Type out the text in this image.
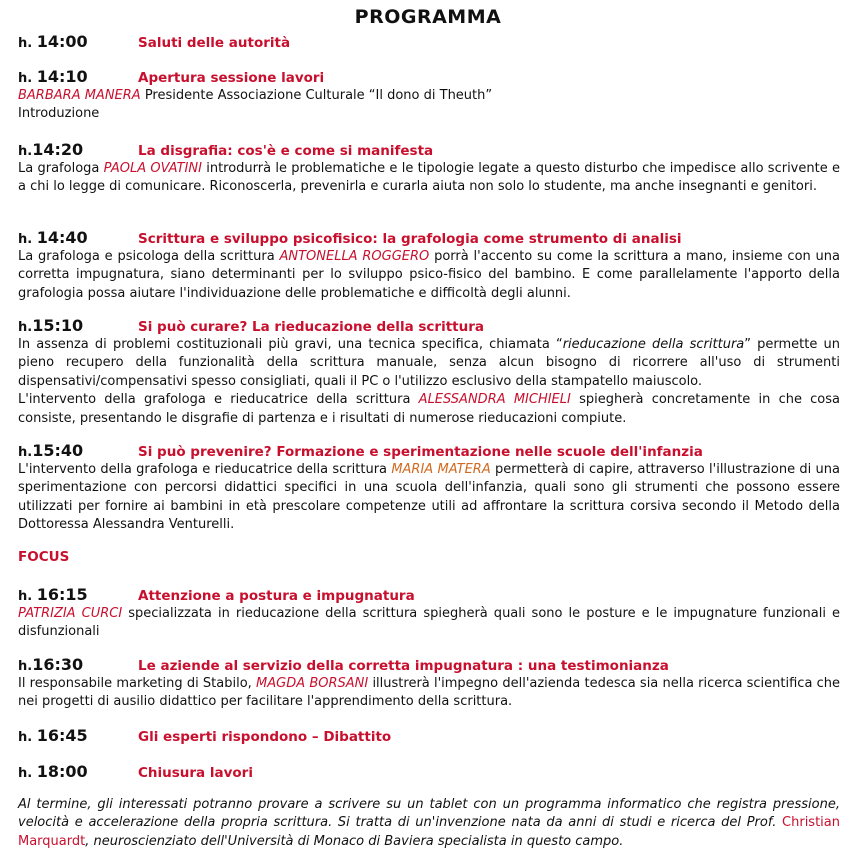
PROGRAMMA
h. 14:00	Saluti delle autorità
h. 14:10	Apertura sessione lavori
BARBARA MANERA Presidente Associazione Culturale “Il dono di Theuth”
Introduzione
h.14:20	La disgrafia: cos'è e come si manifesta
La grafologa PAOLA OVATINI introdurrà le problematiche e le tipologie legate a questo disturbo che impedisce allo scrivente e a chi lo legge di comunicare. Riconoscerla, prevenirla e curarla aiuta non solo lo studente, ma anche insegnanti e genitori.
h. 14:40	Scrittura e sviluppo psicofisico: la grafologia come strumento di analisi
La grafologa e psicologa della scrittura ANTONELLA ROGGERO porrà l'accento su come la scrittura a mano, insieme con una corretta impugnatura, siano determinanti per lo sviluppo psico-fisico del bambino. E come parallelamente l'apporto della grafologia possa aiutare l'individuazione delle problematiche e difficoltà degli alunni.
h.15:10	Si può curare? La rieducazione della scrittura
In assenza di problemi costituzionali più gravi, una tecnica specifica, chiamata “rieducazione della scrittura” permette un pieno recupero della funzionalità della scrittura manuale, senza alcun bisogno di ricorrere all'uso di strumenti dispensativi/compensativi spesso consigliati, quali il PC o l'utilizzo esclusivo della stampatello maiuscolo.
L'intervento della grafologa e rieducatrice della scrittura ALESSANDRA MICHIELI spiegherà concretamente in che cosa consiste, presentando le disgrafie di partenza e i risultati di numerose rieducazioni compiute.
h.15:40	Si può prevenire? Formazione e sperimentazione nelle scuole dell'infanzia
L'intervento della grafologa e rieducatrice della scrittura MARIA MATERA permetterà di capire, attraverso l'illustrazione di una sperimentazione con percorsi didattici specifici in una scuola dell'infanzia, quali sono gli strumenti che possono essere utilizzati per fornire ai bambini in età prescolare competenze utili ad affrontare la scrittura corsiva secondo il Metodo della Dottoressa Alessandra Venturelli.
FOCUS
h. 16:15	Attenzione a postura e impugnatura
PATRIZIA CURCI specializzata in rieducazione della scrittura spiegherà quali sono le posture e le impugnature funzionali e disfunzionali
h.16:30	Le aziende al servizio della corretta impugnatura : una testimonianza
Il responsabile marketing di Stabilo, MAGDA BORSANI illustrerà l'impegno dell'azienda tedesca sia nella ricerca scientifica che nei progetti di ausilio didattico per facilitare l'apprendimento della scrittura.
h. 16:45	Gli esperti rispondono – Dibattito
h. 18:00	Chiusura lavori
Al termine, gli interessati potranno provare a scrivere su un tablet con un programma informatico che registra pressione, velocità e accelerazione della propria scrittura. Si tratta di un'invenzione nata da anni di studi e ricerca del Prof. Christian Marquardt, neuroscienziato dell'Università di Monaco di Baviera specialista in questo campo.
